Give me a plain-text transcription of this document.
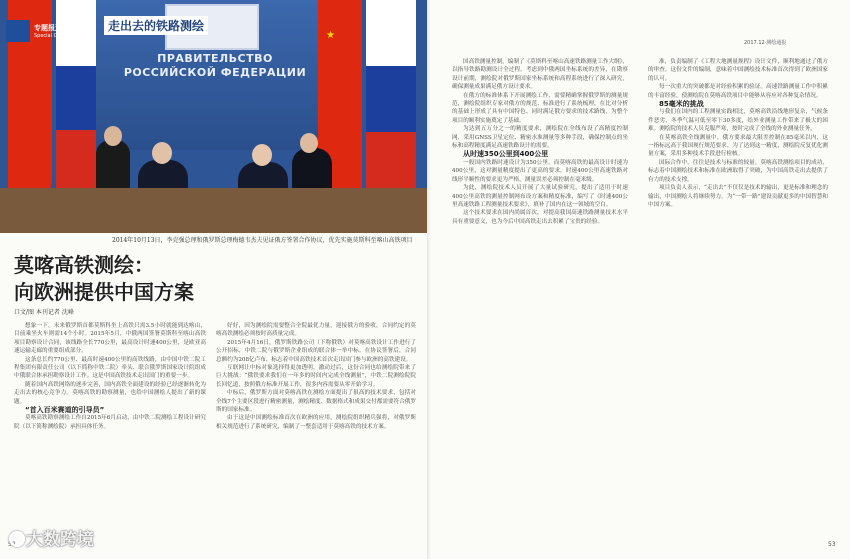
ПРАВИТЕЛЬСТВО
РОССИЙСКОЙ ФЕДЕРАЦИИ
★
专题报道
Special Coverage
走出去的铁路测绘
2014年10月13日，李克强总理和俄罗斯总理梅德韦杰夫见证俄方签署合作协议，优先实施莫斯科至喀山高铁项目
莫喀高铁测绘：
向欧洲提供中国方案
口文/图 本刊记者 沈峰

想象一下，未来俄罗斯首都莫斯科坐上高铁只需3.5小时就能到达喀山，目前乘坐火车则需14个小时。2015年5月，中俄两国签署莫斯科至喀山高铁项目勘察设计合同，该线路全长770公里，最高设计时速400公里，是欧亚高速运输走廊的重要组成部分。

这条总长约770公里、最高时速400公里的高铁线路，由中国中铁二院工程集团有限责任公司（以下简称中铁二院）牵头、联合俄罗斯国家设计院组成中俄联合体承担勘察设计工作。这是中国高铁技术走出国门的重要一步。

随着国内高铁网络的逐步完善，国内高铁全面建设的经验已经逐渐转化为走出去的核心竞争力。莫喀高铁的勘察测量，也给中国测绘人提出了新的课题。

“首入百米赛道的引导员”

莫喀高铁勘察测绘工作自2015年6月启动，由中铁二院测绘工程设计研究院（以下简称测绘院）承担具体任务。

好好，因为测绘院需要整合全院最优力量，迎接俄方的验收，合同约定的莫喀高铁测绘必须按时高质量完成。

2015年4月16日，俄罗斯铁路公司（下称俄铁）对莫喀高铁设计工作进行了公开招标，中铁二院与俄罗斯企业组成的联合体一举中标。在协议签署后，合同总额约为208亿卢布，标志着中国高铁技术首次走出国门参与欧洲的高铁建设。

互联网让中标对象选择得更加透明，激动过后，这份合同也给测绘院带来了巨大挑战：“俄铁要求我们在一年多的时间内完成全线测量”，中铁二院测绘院院长回忆道，按照俄方标准开展工作，很多内容需要从零开始学习。

中标后，俄罗斯方面对莫喀高铁在测绘方面提出了很高的技术要求，包括对全线7个主要区段进行精密测量，测绘精度、数据格式和成果交付都需要符合俄罗斯的国家标准。

由于这是中国测绘标准首次在欧洲的应用，测绘院组织精兵强将，对俄罗斯相关规范进行了系统研究，编制了一整套适用于莫喀高铁的技术方案。

52
2017.12·测绘通报

国高铁测量控制，编制了《莫斯科至喀山高速铁路测量工作大纲》，以指导铁路勘测设计全过程。考虑到中俄两国坐标系统的差异，在勘察设计前期，测绘院对俄罗斯国家坐标系统和高程系统进行了深入研究，确保测量成果满足俄方设计要求。

在俄方的标准体系下开展测绘工作，需要精确掌握俄罗斯的测量规范，测绘院组织专家对俄方的规范、标准进行了系统梳理，在比对分析的基础上形成了具有中国特色、同时满足俄方要求的技术路线，为整个项目的顺利实施奠定了基础。

为达到五万分之一的精度要求，测绘院在全线布设了高精度控制网，采用GNSS卫星定位、精密水准测量等多种手段，确保控制点的坐标和高程精度满足高速铁路设计的需要。

从时速350公里到400公里

一般国内铁路时速设计为350公里，而莫喀高铁的最高设计时速为400公里，这对测量精度提出了更高的要求。时速400公里高速铁路对线形平顺性的要求更为严格，测量误差必须控制在毫米级。

为此，测绘院技术人员开展了大量试验研究，提出了适用于时速400公里高铁的测量控制网布设方案和精度标准，编写了《时速400公里高速铁路工程测量技术要求》，填补了国内在这一领域的空白。

这个技术要求在国内尚属首次，对提高我国高速铁路测量技术水平具有重要意义，也为今后中国高铁走出去积累了宝贵的经验。

准，负责编制了《工程大地测量规程》设计文件，顺利地通过了俄方的审查。这份文件的编制，意味着中国测绘技术标准首次得到了欧洲国家的认可。

每一次重大的突破都是对经验积累的验证。高速铁路测量工作中积累的丰富经验，使测绘院在莫喀高铁项目中能够从容应对各种复杂情况。

85毫米的挑战

与我们在国内的工程测量实践相比，莫喀高铁沿线地形复杂，气候条件恶劣，冬季气温可低至零下30多度，给外业测量工作带来了极大的困难。测绘院的技术人员克服严寒，按时完成了全线的外业测量任务。

在莫喀高铁全线测量中，俄方要求最大限差控制在85毫米以内，这一指标远高于我国现行规范要求。为了达到这一精度，测绘院反复优化测量方案，采用多种技术手段进行检核。

国际合作中，往往是技术与标准的较量。莫喀高铁测绘项目的成功，标志着中国测绘技术和标准在欧洲取得了突破，为中国高铁走出去提供了有力的技术支撑。

项目负责人表示，“走出去”不仅仅是技术的输出，更是标准和理念的输出，中国测绘人将继续努力，为“一带一路”建设贡献更多的中国智慧和中国方案。

53
大数跨境
